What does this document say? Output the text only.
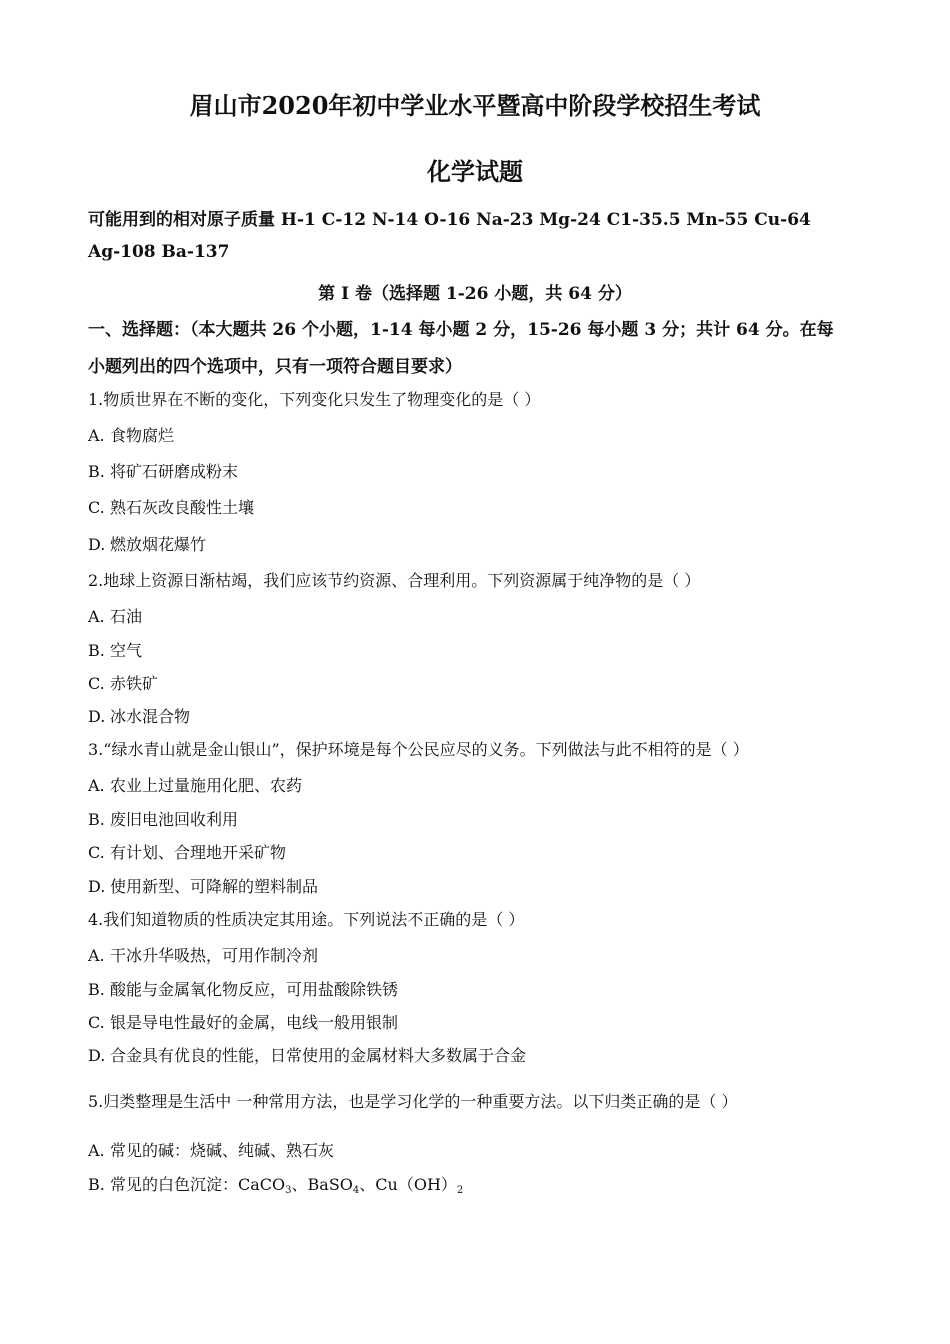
眉山市2020年初中学业水平暨高中阶段学校招生考试
化学试题
可能用到的相对原子质量 H-1 C-12 N-14 O-16 Na-23 Mg-24 C1-35.5 Mn-55 Cu-64
Ag-108 Ba-137
第 I 卷（选择题 1-26 小题，共 64 分）
一、选择题：（本大题共 26 个小题，1-14 每小题 2 分，15-26 每小题 3 分；共计 64 分。在每
小题列出的四个选项中，只有一项符合题目要求）
1.物质世界在不断的变化，下列变化只发生了物理变化的是（ ）
A. 食物腐烂
B. 将矿石研磨成粉末
C. 熟石灰改良酸性土壤
D. 燃放烟花爆竹
2.地球上资源日渐枯竭，我们应该节约资源、合理利用。下列资源属于纯净物的是（ ）
A. 石油
B. 空气
C. 赤铁矿
D. 冰水混合物
3.“绿水青山就是金山银山”，保护环境是每个公民应尽的义务。下列做法与此不相符的是（ ）
A. 农业上过量施用化肥、农药
B. 废旧电池回收利用
C. 有计划、合理地开采矿物
D. 使用新型、可降解的塑料制品
4.我们知道物质的性质决定其用途。下列说法不正确的是（ ）
A. 干冰升华吸热，可用作制冷剂
B. 酸能与金属氧化物反应，可用盐酸除铁锈
C. 银是导电性最好的金属，电线一般用银制
D. 合金具有优良的性能，日常使用的金属材料大多数属于合金
5.归类整理是生活中 一种常用方法，也是学习化学的一种重要方法。以下归类正确的是（ ）
A. 常见的碱：烧碱、纯碱、熟石灰
B. 常见的白色沉淀：CaCO$_3$、BaSO$_4$、$Cu(OH)_2$
